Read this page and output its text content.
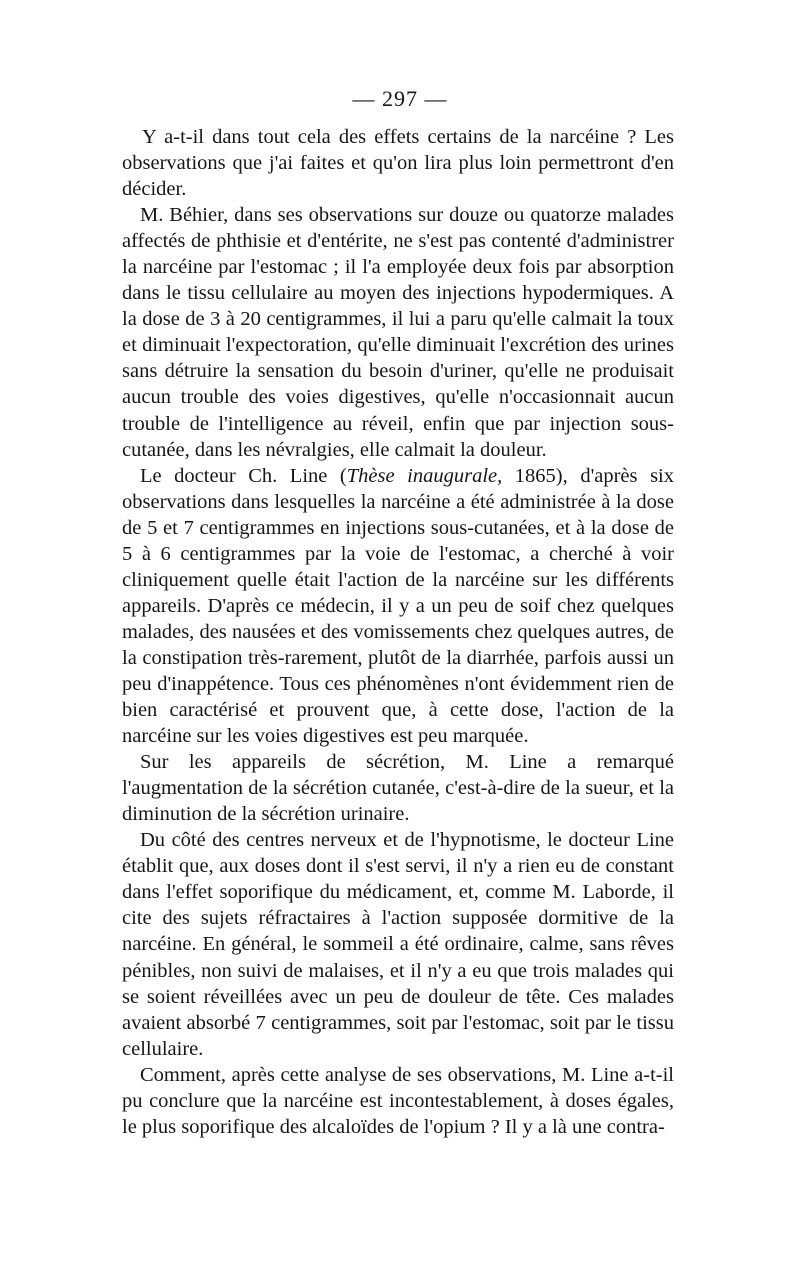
— 297 —

Y a-t-il dans tout cela des effets certains de la narcéine ? Les observations que j'ai faites et qu'on lira plus loin permettront d'en décider.

M. Béhier, dans ses observations sur douze ou quatorze malades affectés de phthisie et d'entérite, ne s'est pas contenté d'administrer la narcéine par l'estomac ; il l'a employée deux fois par absorption dans le tissu cellulaire au moyen des injections hypodermiques. A la dose de 3 à 20 centigrammes, il lui a paru qu'elle calmait la toux et diminuait l'expectoration, qu'elle diminuait l'excrétion des urines sans détruire la sensation du besoin d'uriner, qu'elle ne produisait aucun trouble des voies digestives, qu'elle n'occasionnait aucun trouble de l'intelligence au réveil, enfin que par injection sous-cutanée, dans les névralgies, elle calmait la douleur.

Le docteur Ch. Line (Thèse inaugurale, 1865), d'après six observations dans lesquelles la narcéine a été administrée à la dose de 5 et 7 centigrammes en injections sous-cutanées, et à la dose de 5 à 6 centigrammes par la voie de l'estomac, a cherché à voir cliniquement quelle était l'action de la narcéine sur les différents appareils. D'après ce médecin, il y a un peu de soif chez quelques malades, des nausées et des vomissements chez quelques autres, de la constipation très-rarement, plutôt de la diarrhée, parfois aussi un peu d'inappétence. Tous ces phénomènes n'ont évidemment rien de bien caractérisé et prouvent que, à cette dose, l'action de la narcéine sur les voies digestives est peu marquée.

Sur les appareils de sécrétion, M. Line a remarqué l'augmentation de la sécrétion cutanée, c'est-à-dire de la sueur, et la diminution de la sécrétion urinaire.

Du côté des centres nerveux et de l'hypnotisme, le docteur Line établit que, aux doses dont il s'est servi, il n'y a rien eu de constant dans l'effet soporifique du médicament, et, comme M. Laborde, il cite des sujets réfractaires à l'action supposée dormitive de la narcéine. En général, le sommeil a été ordinaire, calme, sans rêves pénibles, non suivi de malaises, et il n'y a eu que trois malades qui se soient réveillées avec un peu de douleur de tête. Ces malades avaient absorbé 7 centigrammes, soit par l'estomac, soit par le tissu cellulaire.

Comment, après cette analyse de ses observations, M. Line a-t-il pu conclure que la narcéine est incontestablement, à doses égales, le plus soporifique des alcaloïdes de l'opium ? Il y a là une contra-
